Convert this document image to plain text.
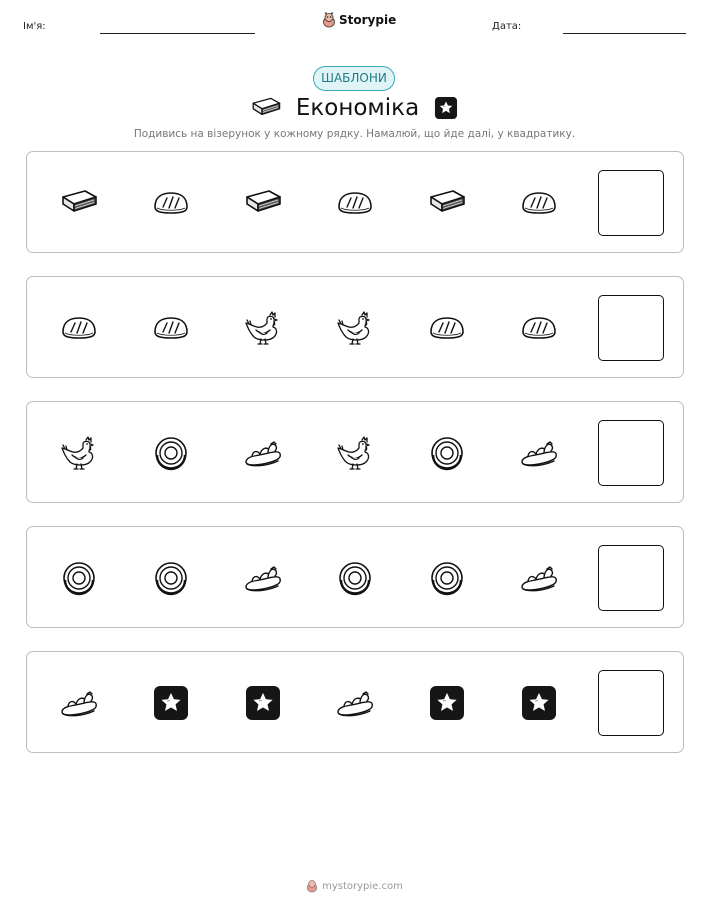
Ім'я:	Storypie	Дата:
ШАБЛОНИ
Економіка
Подивись на візерунок у кожному рядку. Намалюй, що йде далі, у квадратику.
mystorypie.com
